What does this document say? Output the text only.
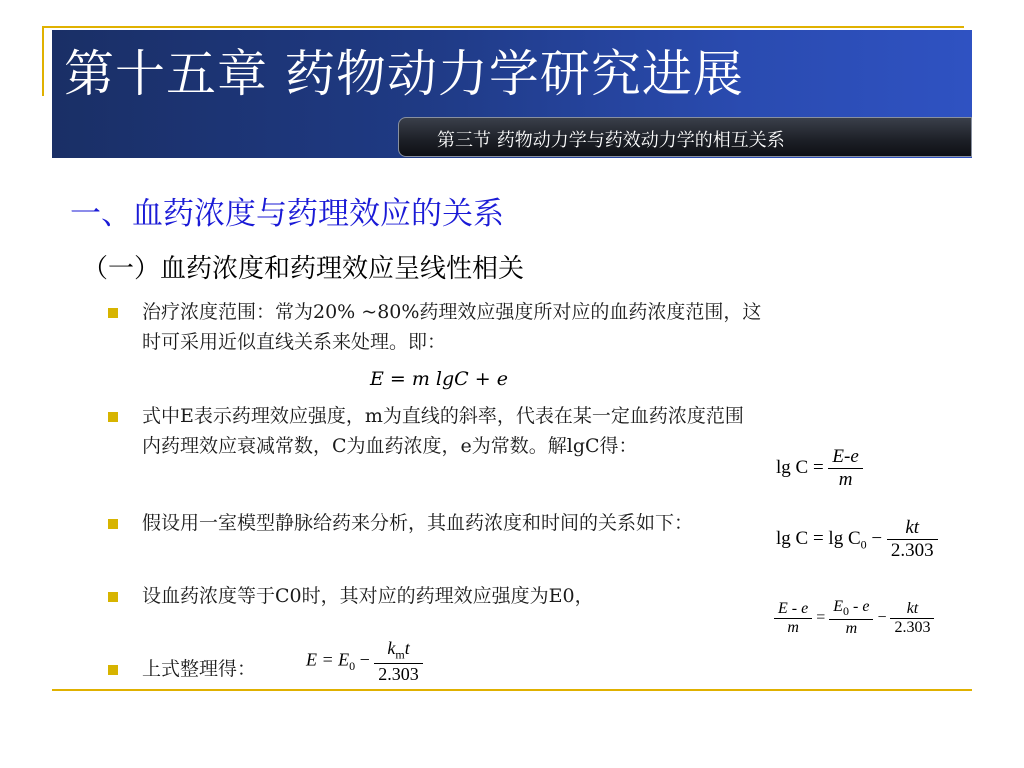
第十五章 药物动力学研究进展
第三节 药物动力学与药效动力学的相互关系
一、血药浓度与药理效应的关系
（一）血药浓度和药理效应呈线性相关
治疗浓度范围：常为20% ~80%药理效应强度所对应的血药浓度范围，这
时可采用近似直线关系来处理。即：
E = m lgC + e
式中E表示药理效应强度，m为直线的斜率，代表在某一定血药浓度范围
内药理效应衰减常数，C为血药浓度，e为常数。解lgC得：
$\lg C = \frac{E-e}{m}$
假设用一室模型静脉给药来分析，其血药浓度和时间的关系如下：
$\lg C = \lg C_0 - \frac{kt}{2.303}$
设血药浓度等于C0时，其对应的药理效应强度为E0，
$\frac{E - e}{m} = \frac{E_0 - e}{m} - \frac{kt}{2.303}$
上式整理得：	$E = E_0 - \frac{k_mt}{2.303}$
